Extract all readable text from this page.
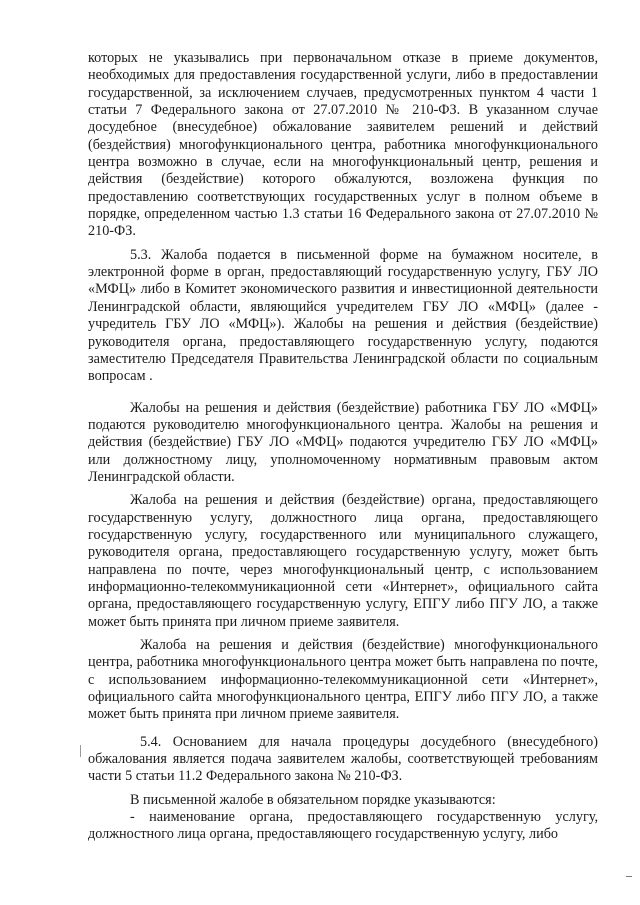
которых не указывались при первоначальном отказе в приеме документов, необходимых для предоставления государственной услуги, либо в предоставлении государственной, за исключением случаев, предусмотренных пунктом 4 части 1 статьи 7 Федерального закона от 27.07.2010 № 210-ФЗ. В указанном случае досудебное (внесудебное) обжалование заявителем решений и действий (бездействия) многофункционального центра, работника многофункционального центра возможно в случае, если на многофункциональный центр, решения и действия (бездействие) которого обжалуются, возложена функция по предоставлению соответствующих государственных услуг в полном объеме в порядке, определенном частью 1.3 статьи 16 Федерального закона от 27.07.2010 № 210-ФЗ.

5.3. Жалоба подается в письменной форме на бумажном носителе, в электронной форме в орган, предоставляющий государственную услугу, ГБУ ЛО «МФЦ» либо в Комитет экономического развития и инвестиционной деятельности Ленинградской области, являющийся учредителем ГБУ ЛО «МФЦ» (далее - учредитель ГБУ ЛО «МФЦ»). Жалобы на решения и действия (бездействие) руководителя органа, предоставляющего государственную услугу, подаются заместителю Председателя Правительства Ленинградской области по социальным вопросам .

Жалобы на решения и действия (бездействие) работника ГБУ ЛО «МФЦ» подаются руководителю многофункционального центра. Жалобы на решения и действия (бездействие) ГБУ ЛО «МФЦ» подаются учредителю ГБУ ЛО «МФЦ» или должностному лицу, уполномоченному нормативным правовым актом Ленинградской области.

Жалоба на решения и действия (бездействие) органа, предоставляющего государственную услугу, должностного лица органа, предоставляющего государственную услугу, государственного или муниципального служащего, руководителя органа, предоставляющего государственную услугу, может быть направлена по почте, через многофункциональный центр, с использованием информационно-телекоммуникационной сети «Интернет», официального сайта органа, предоставляющего государственную услугу, ЕПГУ либо ПГУ ЛО, а также может быть принята при личном приеме заявителя.

Жалоба на решения и действия (бездействие) многофункционального центра, работника многофункционального центра может быть направлена по почте, с использованием информационно-телекоммуникационной сети «Интернет», официального сайта многофункционального центра, ЕПГУ либо ПГУ ЛО, а также может быть принята при личном приеме заявителя.

5.4. Основанием для начала процедуры досудебного (внесудебного) обжалования является подача заявителем жалобы, соответствующей требованиям части 5 статьи 11.2 Федерального закона № 210-ФЗ.

В письменной жалобе в обязательном порядке указываются:

- наименование органа, предоставляющего государственную услугу, должностного лица органа, предоставляющего государственную услугу, либо
